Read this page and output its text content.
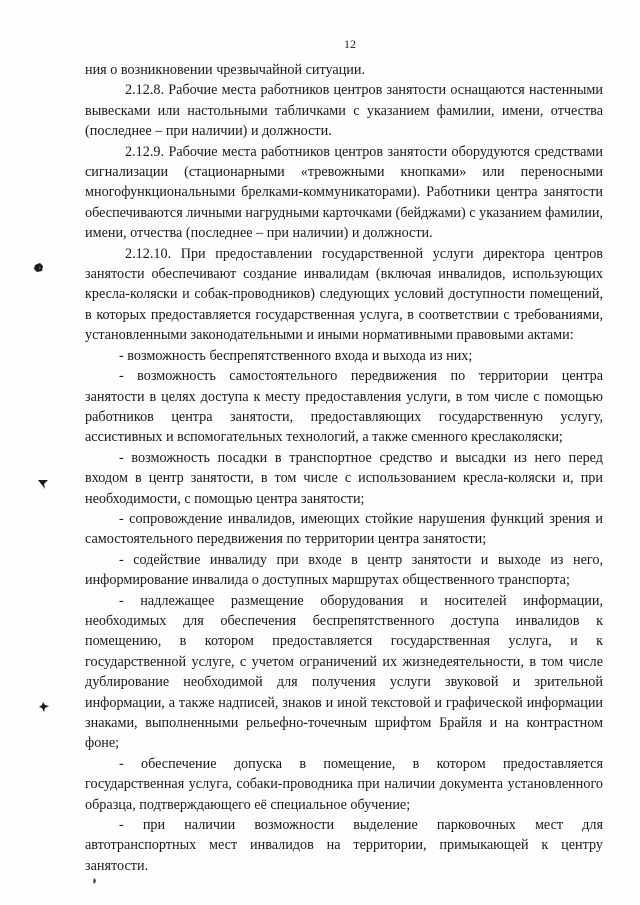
12

ния о возникновении чрезвычайной ситуации.

2.12.8. Рабочие места работников центров занятости оснащаются настенными вывесками или настольными табличками с указанием фамилии, имени, отчества (последнее – при наличии) и должности.

2.12.9. Рабочие места работников центров занятости оборудуются средствами сигнализации (стационарными «тревожными кнопками» или переносными многофункциональными брелками-коммуникаторами). Работники центра занятости обеспечиваются личными нагрудными карточками (бейджами) с указанием фамилии, имени, отчества (последнее – при наличии) и должности.

2.12.10. При предоставлении государственной услуги директора центров занятости обеспечивают создание инвалидам (включая инвалидов, использующих кресла-коляски и собак-проводников) следующих условий доступности помещений, в которых предоставляется государственная услуга, в соответствии с требованиями, установленными законодательными и иными нормативными правовыми актами:

- возможность беспрепятственного входа и выхода из них;

- возможность самостоятельного передвижения по территории центра занятости в целях доступа к месту предоставления услуги, в том числе с помощью работников центра занятости, предоставляющих государственную услугу, ассистивных и вспомогательных технологий, а также сменного креслаколяски;

- возможность посадки в транспортное средство и высадки из него перед входом в центр занятости, в том числе с использованием кресла-коляски и, при необходимости, с помощью центра занятости;

- сопровождение инвалидов, имеющих стойкие нарушения функций зрения и самостоятельного передвижения по территории центра занятости;

- содействие инвалиду при входе в центр занятости и выходе из него, информирование инвалида о доступных маршрутах общественного транспорта;

- надлежащее размещение оборудования и носителей информации, необходимых для обеспечения беспрепятственного доступа инвалидов к помещению, в котором предоставляется государственная услуга, и к государственной услуге, с учетом ограничений их жизнедеятельности, в том числе дублирование необходимой для получения услуги звуковой и зрительной информации, а также надписей, знаков и иной текстовой и графической информации знаками, выполненными рельефно-точечным шрифтом Брайля и на контрастном фоне;

- обеспечение допуска в помещение, в котором предоставляется государственная услуга, собаки-проводника при наличии документа установленного образца, подтверждающего её специальное обучение;

- при наличии возможности выделение парковочных мест для автотранспортных мест инвалидов на территории, примыкающей к центру занятости.
